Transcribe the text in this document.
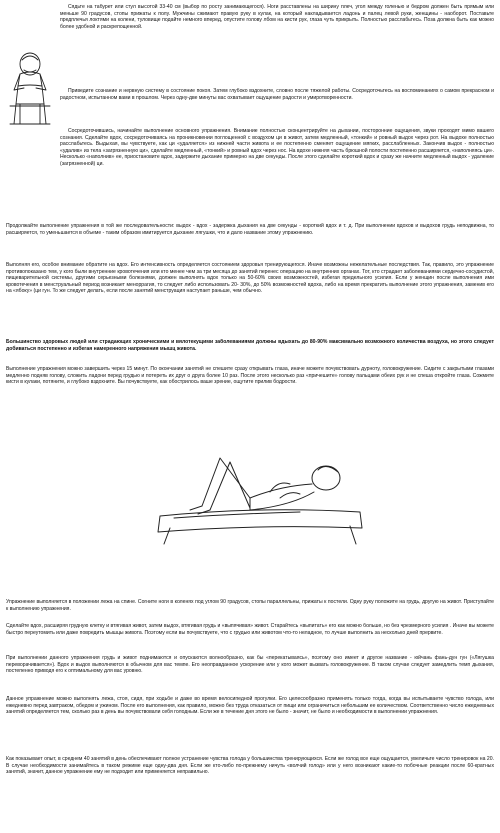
Сядьте на табурет или стул высотой 33-40 см (выбор по росту занимающегося). Ноги расставлены на ширину плеч, угол между голенью и бедром должен быть прямым или меньше 90 градусов, стопы прижаты к полу. Мужчины сжимают правую руку в кулак, на который накладывается ладонь и палец левой руки, женщины - наоборот. Поставьте предплечья локтями на колени, туловище подайте немного вперед, опустите голову лбом на кисти рук, глаза чуть прикрыть. Полностью расслабьтесь. Поза должна быть как можно более удобной и раскрепощенной.

Приведите сознание и нервную систему в состояние покоя. Затем глубоко вздохните, словно после тяжелой работы. Сосредоточьтесь на воспоминаниях о самом прекрасном и радостном, испытанном вами в прошлом. Через одну-две минуты вас охватывает ощущение радости и умиротворенности.

Сосредоточившись, начинайте выполнение основного упражнения. Внимание полностью сконцентрируйте на дыхании, посторонние ощущения, звуки проходят мимо вашего сознания. Сделайте вдох, сосредоточиваясь на проникновении поглощенной с воздухом ци в живот, затем медленный, «тонкий» и ровный выдох через рот. На выдохе полностью расслабьтесь. Выдыхая, вы чувствуете, как ци «удаляется» из нижней части живота и ее постепенно сменяет ощущение мягких, расслабленных. Закончив выдох - полностью «удалив» из тела «загрязненную ци», сделайте медленный, «тонкий» и ровный вдох через нос. На вдохе нижняя часть брюшной полости постепенно расширяется, «наполняясь ци». Несколько «наполнив» ее, приостановите вдох, задержите дыхание примерно на две секунды. После этого сделайте короткий вдох и сразу же начните медленный выдох - удаление (загрязненной) ци.

Продолжайте выполнение упражнения в той же последовательности: выдох - вдох - задержка дыхания на две секунды - короткий вдох и т. д. При выполнении вдохов и выдохов грудь неподвижна, то расширяется, то уменьшается в объеме - таким образом имитируется дыхание лягушки, что и дало название этому упражнению.

Выполняя его, особое внимание обратите на вдох. Его интенсивность определяется состоянием здоровья тренирующегося. Иначе возможны нежелательные последствия. Так, правило, это упражнение противопоказано тем, у кого были внутренние кровотечения или кто менее чем за три месяца до занятий перенес операцию на внутренних органах. Тот, кто страдает заболеваниями сердечно-сосудистой, пищеварительной системы, другими серьезными болезнями, должен выполнять вдох только на 50-60% своих возможностей, избегая предельного усилия. Если у женщин после выполнения ими кровотечения в менструальный период возникает меноррагия, то следует либо использовать 20- 30%, до 50% возможностей вдоха, либо на время прекратить выполнение этого упражнения, заменив его на «ябоку» (ци гун. То же следует делать, если после занятий менструация наступает раньше, чем обычно.

Большинство здоровых людей или страдающих хроническими и вялотекущими заболеваниями должны вдыхать до 80-90% максимально возможного количества воздуха, но этого следует добиваться постепенно и избегая намеренного напряжения мышц живота.

Выполнение упражнения можно завершить через 15 минут. По окончании занятий не спешите сразу открывать глаза, иначе можете почувствовать дурноту, головокружение. Сидите с закрытыми глазами медленно подняв голову, сложить ладони перед грудью и потереть их друг о друга более 10 раз. После этого несколько раз «причешите» голову пальцами обеих рук и не спеша откройте глаза. Сожмите кисти в кулаки, потяните, и глубоко вздохните. Вы почувствуете, как обострилось ваше зрение, ощутите прилив бодрости.

Упражнение выполняется в положении лежа на спине. Согните ноги в коленях под углом 90 градусов, стопы параллельны, прижаты к постели. Одну руку положите на грудь, другую на живот. Приступайте к выполнению упражнения.

Сделайте вдох, расширяя грудную клетку и втягивая живот, затем выдох, втягивая грудь и «выпячивая» живот. Старайтесь «выпитать» его как можно больше, но без чрезмерного усилия . Иначе вы можете быстро переутомить или даже повредить мышцы живота. Поэтому если вы почувствуете, что с грудью или животом что-то неладное, то лучше выполнить за несколько дней прервите.

При выполнении данного упражнения грудь и живот поднимаются и опускаются волнообразно, как бы «перекатываясь», поэтому оно имеет и другое название - юйчань фань-дун гун («Лягушка переворачивается»). Вдох и выдох выполняются в обычном для вас темпе. Его неоправданное ускорение или у кого может вызвать головокружение. В таком случае следует замедлить темп дыхания, постепенно приводя его к оптимальному для вас уровню.

Данное упражнение можно выполнять лежа, стоя, сидя, при ходьбе и даже во время велосипедной прогулки. Его целесообразно применять только тогда, когда вы испытываете чувство голода, или ежедневно перед завтраком, обедом и ужином. После его выполнения, как правило, можно без труда отказаться от пищи или ограничиться небольшим ее количеством. Соответственно число ежедневных занятий определяется тем, сколько раз в день вы почувствовали себя голодным. Если же в течение дня этого не было - значит, не было и необходимости в выполнении упражнения.

Как показывает опыт, в среднем 40 занятий в день обеспечивают полное устранение чувства голода у большинства тренирующихся. Если же голод все еще ощущается, увеличьте число тренировок на 20. В случае необходимости занимайтесь в таком режиме еще одну-два дня. Если же кто-либо по-прежнему ничуть «волчий голод» или у него возникают какие-то побочные реакции после 60-кратных занятий, значит, данное упражнение ему не подходит или применяется неправильно.
